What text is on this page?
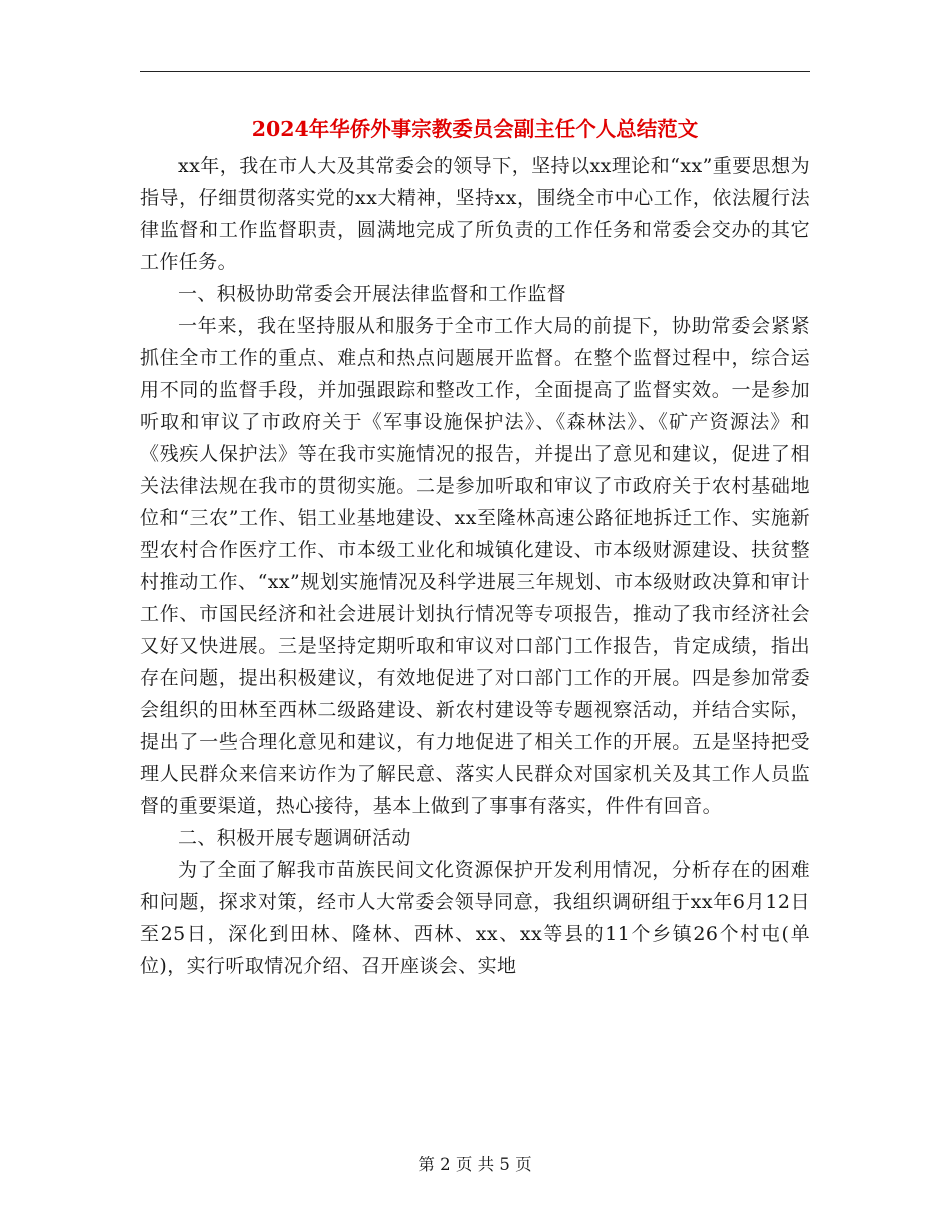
2024年华侨外事宗教委员会副主任个人总结范文

xx年，我在市人大及其常委会的领导下，坚持以xx理论和“xx”重要思想为指导，仔细贯彻落实党的xx大精神，坚持xx，围绕全市中心工作，依法履行法律监督和工作监督职责，圆满地完成了所负责的工作任务和常委会交办的其它工作任务。

一、积极协助常委会开展法律监督和工作监督

一年来，我在坚持服从和服务于全市工作大局的前提下，协助常委会紧紧抓住全市工作的重点、难点和热点问题展开监督。在整个监督过程中，综合运用不同的监督手段，并加强跟踪和整改工作，全面提高了监督实效。一是参加听取和审议了市政府关于《军事设施保护法》、《森林法》、《矿产资源法》和《残疾人保护法》等在我市实施情况的报告，并提出了意见和建议，促进了相关法律法规在我市的贯彻实施。二是参加听取和审议了市政府关于农村基础地位和“三农”工作、铝工业基地建设、xx至隆林高速公路征地拆迁工作、实施新型农村合作医疗工作、市本级工业化和城镇化建设、市本级财源建设、扶贫整村推动工作、“xx”规划实施情况及科学进展三年规划、市本级财政决算和审计工作、市国民经济和社会进展计划执行情况等专项报告，推动了我市经济社会又好又快进展。三是坚持定期听取和审议对口部门工作报告，肯定成绩，指出存在问题，提出积极建议，有效地促进了对口部门工作的开展。四是参加常委会组织的田林至西林二级路建设、新农村建设等专题视察活动，并结合实际，提出了一些合理化意见和建议，有力地促进了相关工作的开展。五是坚持把受理人民群众来信来访作为了解民意、落实人民群众对国家机关及其工作人员监督的重要渠道，热心接待，基本上做到了事事有落实，件件有回音。

二、积极开展专题调研活动

为了全面了解我市苗族民间文化资源保护开发利用情况，分析存在的困难和问题，探求对策，经市人大常委会领导同意，我组织调研组于xx年6月12日至25日，深化到田林、隆林、西林、xx、xx等县的11个乡镇26个村屯(单位)，实行听取情况介绍、召开座谈会、实地

第 2 页 共 5 页
